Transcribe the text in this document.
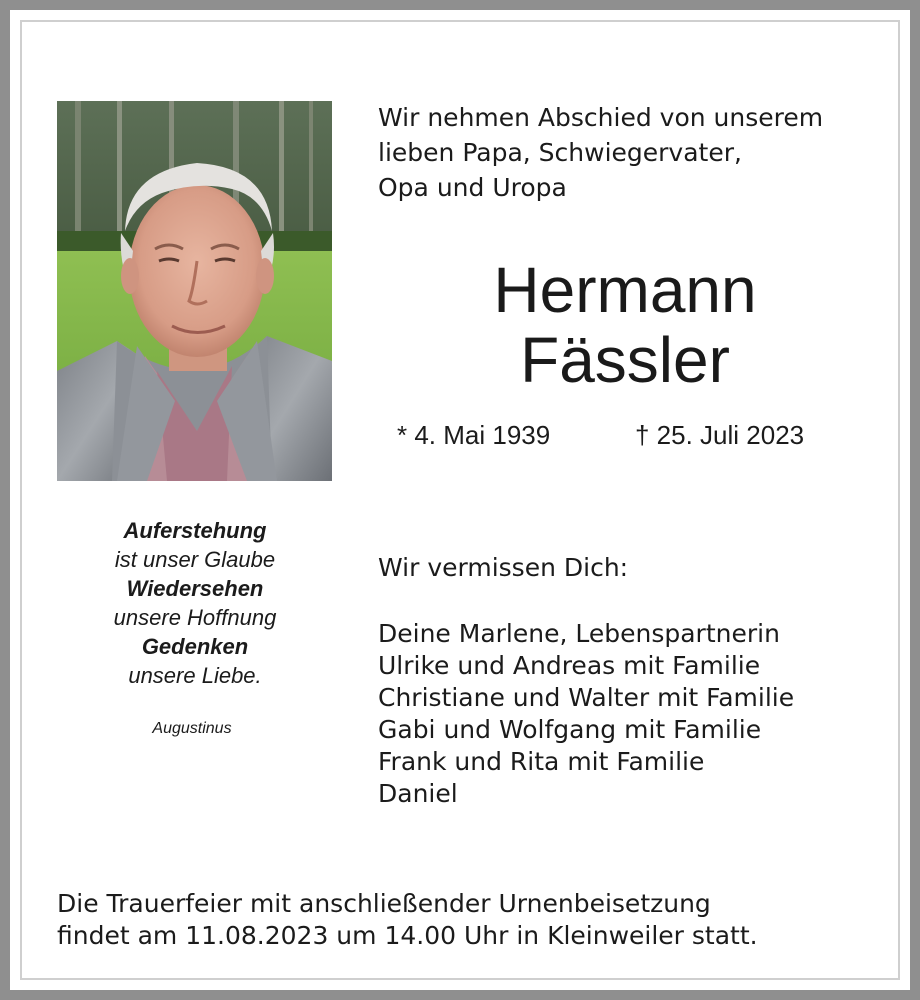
Wir nehmen Abschied von unserem
lieben Papa, Schwiegervater,
Opa und Uropa
Hermann
Fässler
* 4. Mai 1939	† 25. Juli 2023
Auferstehung
ist unser Glaube
Wiedersehen
unsere Hoffnung
Gedenken
unsere Liebe.
Augustinus
Wir vermissen Dich:
Deine Marlene, Lebenspartnerin
Ulrike und Andreas mit Familie
Christiane und Walter mit Familie
Gabi und Wolfgang mit Familie
Frank und Rita mit Familie
Daniel
Die Trauerfeier mit anschließender Urnenbeisetzung
findet am 11.08.2023 um 14.00 Uhr in Kleinweiler statt.
